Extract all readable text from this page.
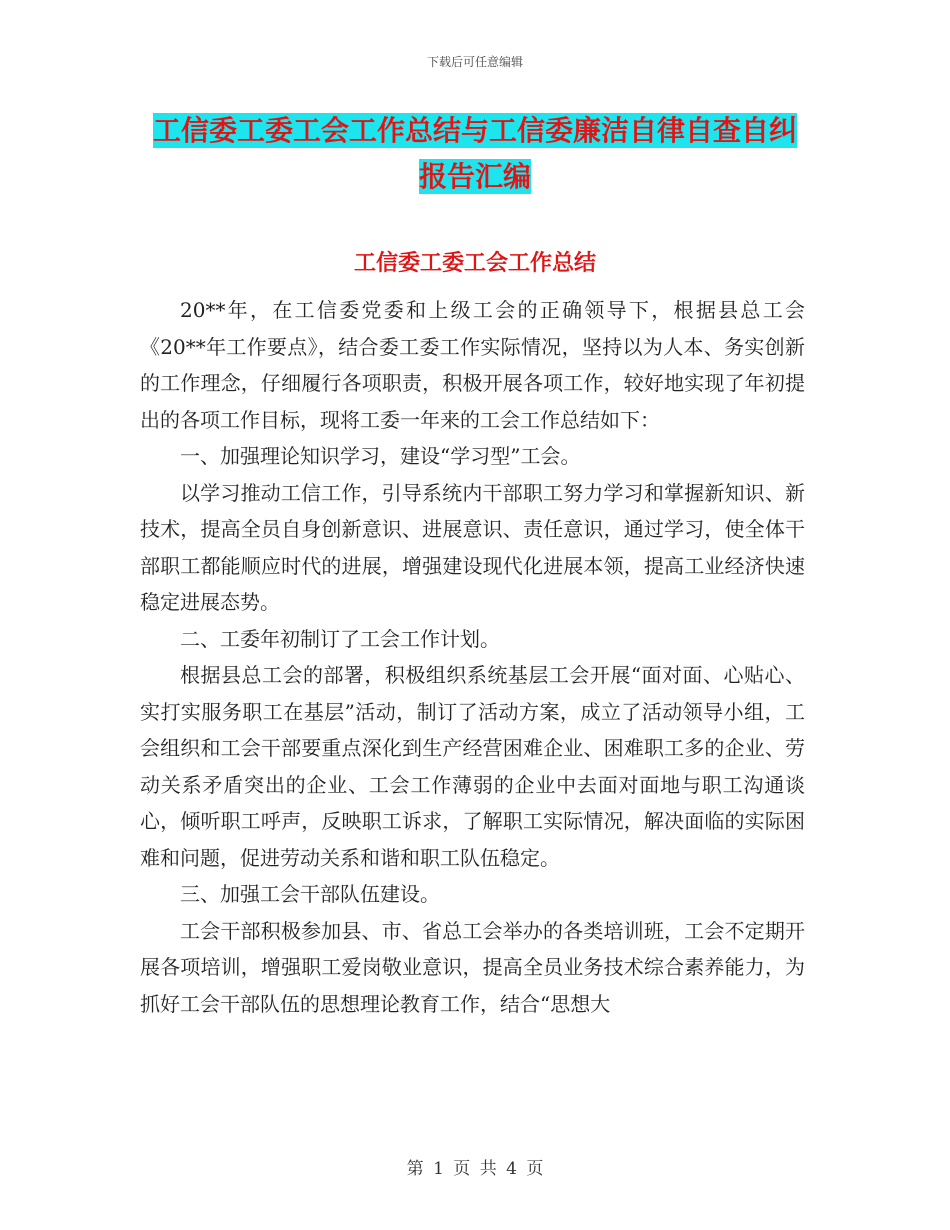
下载后可任意编辑
工信委工委工会工作总结与工信委廉洁自律自查自纠
报告汇编
工信委工委工会工作总结

20**年，在工信委党委和上级工会的正确领导下，根据县总工会《20**年工作要点》，结合委工委工作实际情况，坚持以为人本、务实创新的工作理念，仔细履行各项职责，积极开展各项工作，较好地实现了年初提出的各项工作目标，现将工委一年来的工会工作总结如下：

一、加强理论知识学习，建设“学习型”工会。

以学习推动工信工作，引导系统内干部职工努力学习和掌握新知识、新技术，提高全员自身创新意识、进展意识、责任意识，通过学习，使全体干部职工都能顺应时代的进展，增强建设现代化进展本领，提高工业经济快速稳定进展态势。

二、工委年初制订了工会工作计划。

根据县总工会的部署，积极组织系统基层工会开展“面对面、心贴心、实打实服务职工在基层”活动，制订了活动方案，成立了活动领导小组，工会组织和工会干部要重点深化到生产经营困难企业、困难职工多的企业、劳动关系矛盾突出的企业、工会工作薄弱的企业中去面对面地与职工沟通谈心，倾听职工呼声，反映职工诉求，了解职工实际情况，解决面临的实际困难和问题，促进劳动关系和谐和职工队伍稳定。

三、加强工会干部队伍建设。

工会干部积极参加县、市、省总工会举办的各类培训班，工会不定期开展各项培训，增强职工爱岗敬业意识，提高全员业务技术综合素养能力，为抓好工会干部队伍的思想理论教育工作，结合“思想大

第 1 页 共 4 页
